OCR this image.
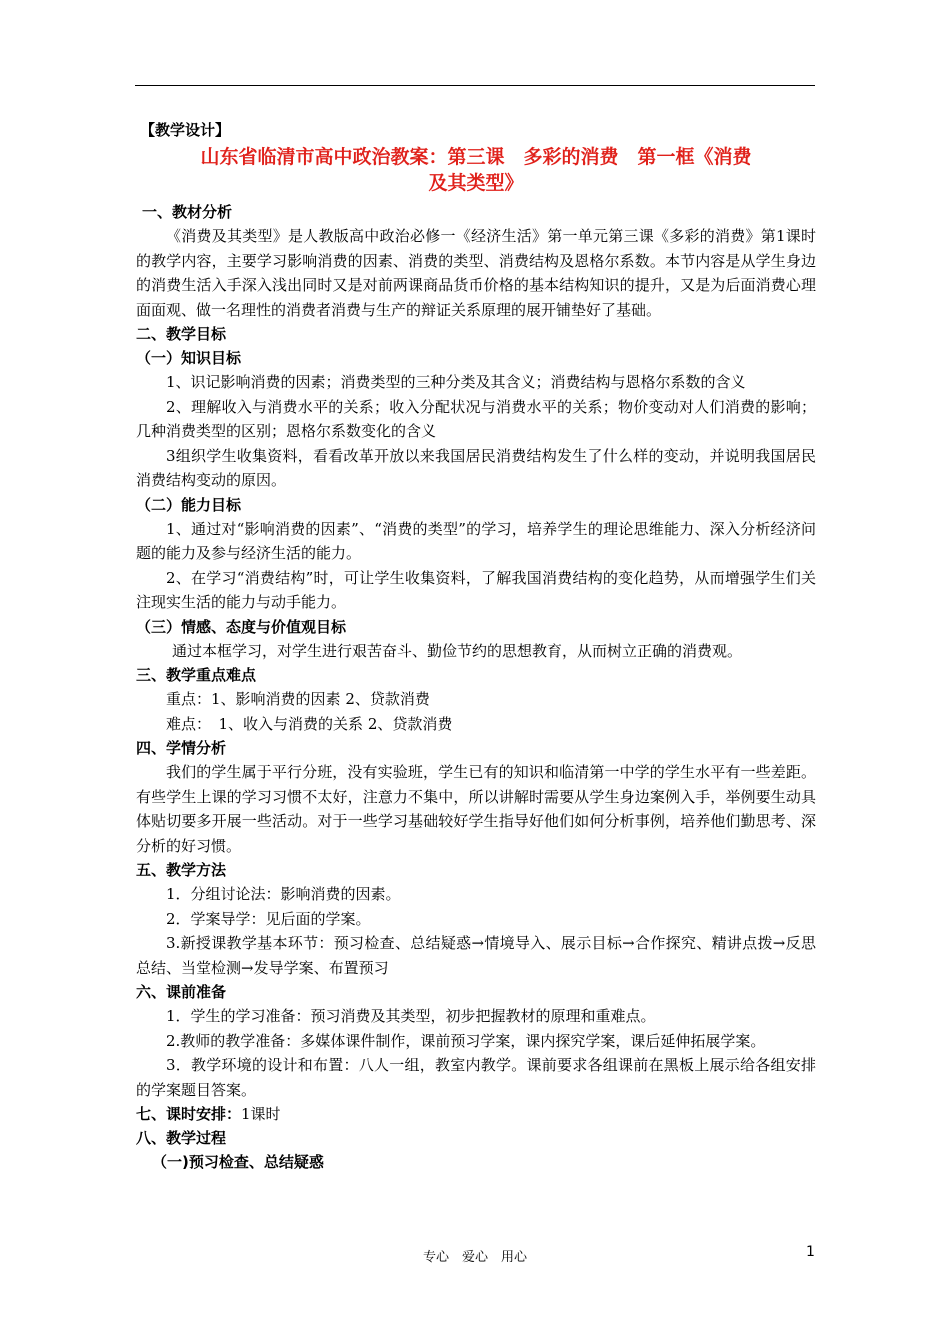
【教学设计】
山东省临清市高中政治教案：第三课　多彩的消费　第一框《消费
及其类型》
一、教材分析

《消费及其类型》是人教版高中政治必修一《经济生活》第一单元第三课《多彩的消费》第1课时的教学内容，主要学习影响消费的因素、消费的类型、消费结构及恩格尔系数。本节内容是从学生身边的消费生活入手深入浅出同时又是对前两课商品货币价格的基本结构知识的提升，又是为后面消费心理面面观、做一名理性的消费者消费与生产的辩证关系原理的展开铺垫好了基础。

二、教学目标
（一）知识目标

1、识记影响消费的因素；消费类型的三种分类及其含义；消费结构与恩格尔系数的含义

2、理解收入与消费水平的关系；收入分配状况与消费水平的关系；物价变动对人们消费的影响；几种消费类型的区别；恩格尔系数变化的含义

3组织学生收集资料，看看改革开放以来我国居民消费结构发生了什么样的变动，并说明我国居民消费结构变动的原因。

（二）能力目标

1、通过对“影响消费的因素”、“消费的类型”的学习，培养学生的理论思维能力、深入分析经济问题的能力及参与经济生活的能力。

2、在学习“消费结构”时，可让学生收集资料，了解我国消费结构的变化趋势，从而增强学生们关注现实生活的能力与动手能力。

（三）情感、态度与价值观目标

通过本框学习，对学生进行艰苦奋斗、勤俭节约的思想教育，从而树立正确的消费观。

三、教学重点难点

重点：1、影响消费的因素 2、贷款消费

难点：　1、收入与消费的关系 2、贷款消费

四、学情分析

我们的学生属于平行分班，没有实验班，学生已有的知识和临清第一中学的学生水平有一些差距。有些学生上课的学习习惯不太好，注意力不集中，所以讲解时需要从学生身边案例入手，举例要生动具体贴切要多开展一些活动。对于一些学习基础较好学生指导好他们如何分析事例，培养他们勤思考、深分析的好习惯。

五、教学方法

1．分组讨论法：影响消费的因素。

2．学案导学：见后面的学案。

3.新授课教学基本环节：预习检查、总结疑惑→情境导入、展示目标→合作探究、精讲点拨→反思总结、当堂检测→发导学案、布置预习

六、课前准备

1．学生的学习准备：预习消费及其类型，初步把握教材的原理和重难点。

2.教师的教学准备：多媒体课件制作，课前预习学案，课内探究学案，课后延伸拓展学案。

3．教学环境的设计和布置：八人一组，教室内教学。课前要求各组课前在黑板上展示给各组安排的学案题目答案。

七、课时安排：1课时
八、教学过程
（一)预习检查、总结疑惑
专心　爱心　用心	1
